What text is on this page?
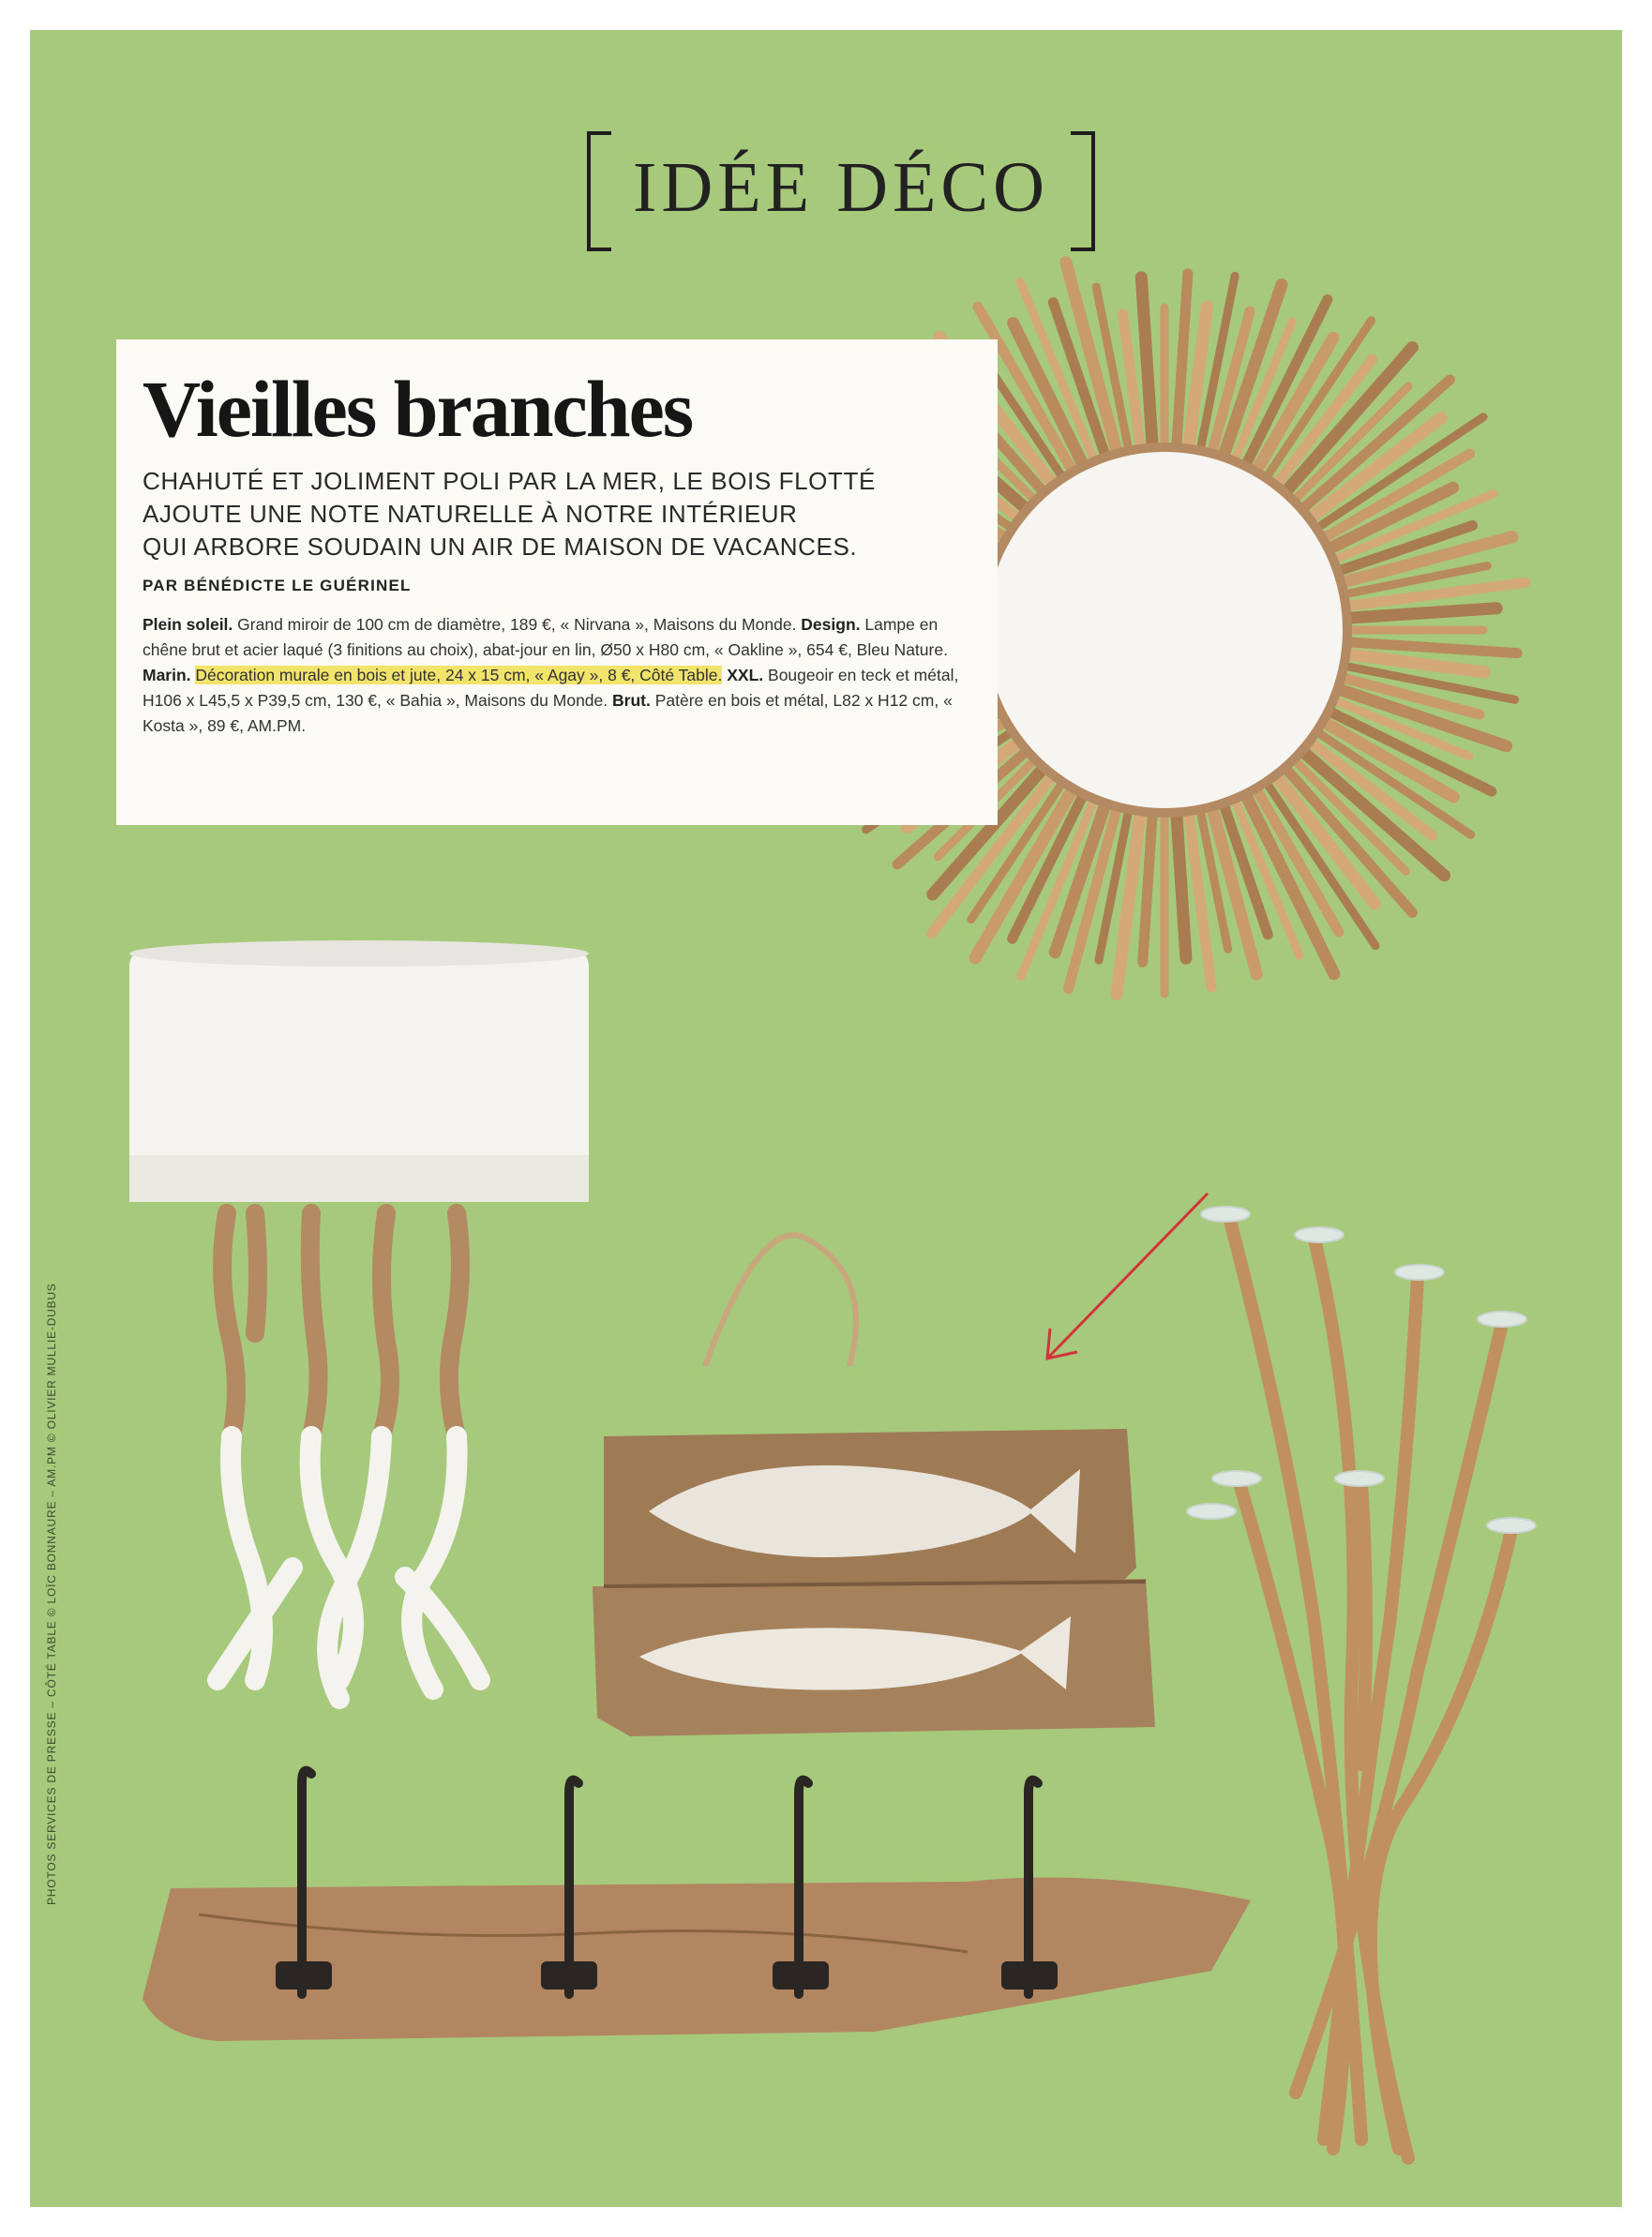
IDÉE DÉCO
Vieilles branches

CHAHUTÉ ET JOLIMENT POLI PAR LA MER, LE BOIS FLOTTÉ
AJOUTE UNE NOTE NATURELLE À NOTRE INTÉRIEUR
QUI ARBORE SOUDAIN UN AIR DE MAISON DE VACANCES.

PAR BÉNÉDICTE LE GUÉRINEL

Plein soleil. Grand miroir de 100 cm de diamètre, 189 €, « Nirvana », Maisons du Monde. Design. Lampe en chêne brut et acier laqué (3 finitions au choix), abat-jour en lin, Ø50 x H80 cm, « Oakline », 654 €, Bleu Nature. Marin. Décoration murale en bois et jute, 24 x 15 cm, « Agay », 8 €, Côté Table. XXL. Bougeoir en teck et métal, H106 x L45,5 x P39,5 cm, 130 €, « Bahia », Maisons du Monde. Brut. Patère en bois et métal, L82 x H12 cm, « Kosta », 89 €, AM.PM.

PHOTOS SERVICES DE PRESSE – CÔTÉ TABLE © LOÏC BONNAURE – AM.PM © OLIVIER MULLIE-DUBUS
